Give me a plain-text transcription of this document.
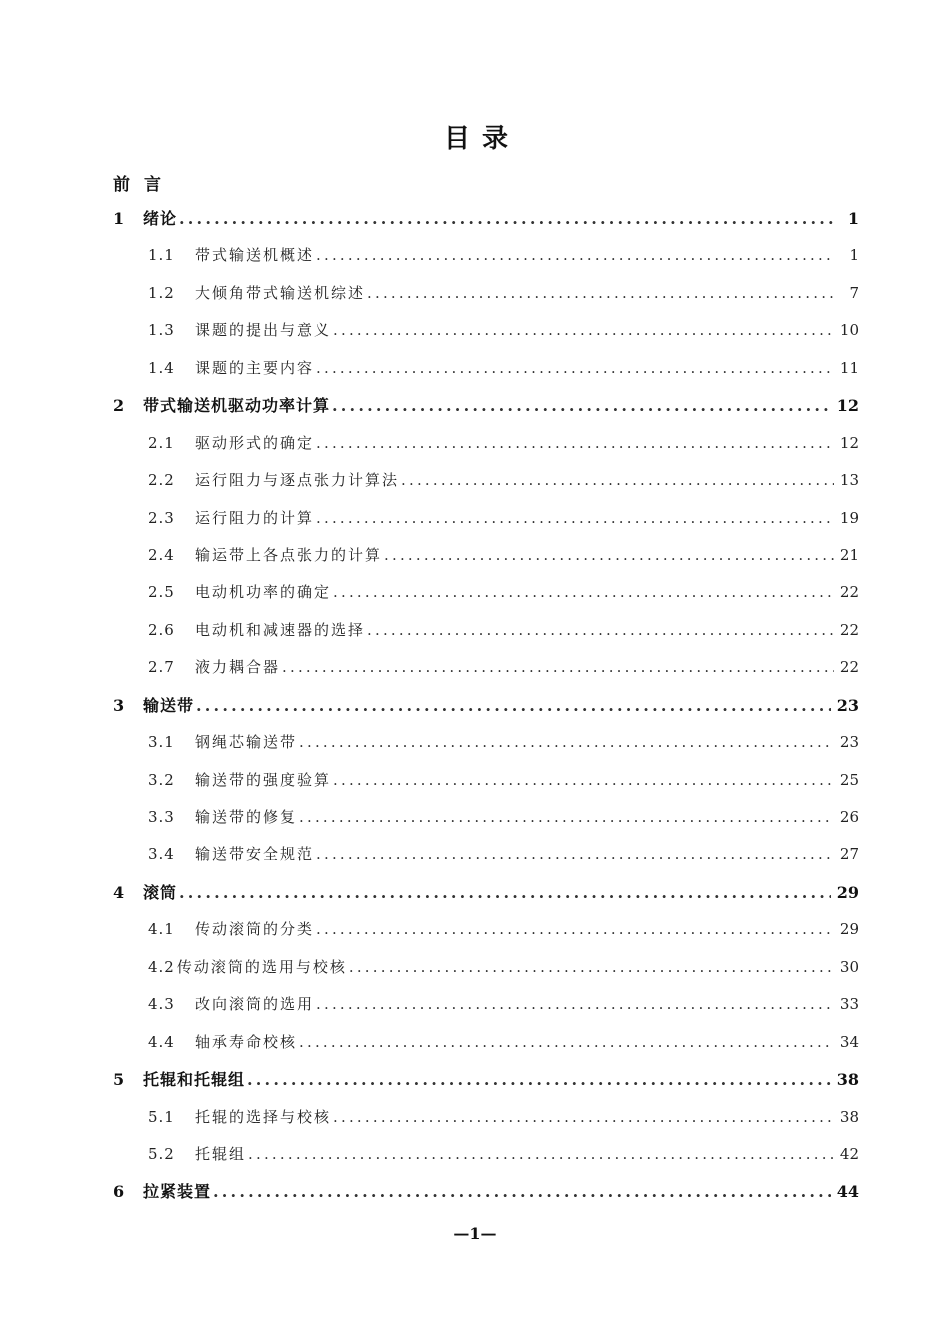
目录
前言
1	绪论 .....	1
1.1	带式输送机概述 .....	1
1.2	大倾角带式输送机综述 .....	7
1.3	课题的提出与意义 .....	10
1.4	课题的主要内容 .....	11
2	带式输送机驱动功率计算 .....	12
2.1	驱动形式的确定 .....	12
2.2	运行阻力与逐点张力计算法 .....	13
2.3	运行阻力的计算 .....	19
2.4	输运带上各点张力的计算 .....	21
2.5	电动机功率的确定 .....	22
2.6	电动机和减速器的选择 .....	22
2.7	液力耦合器 .....	22
3	输送带 .....	23
3.1	钢绳芯输送带 .....	23
3.2	输送带的强度验算 .....	25
3.3	输送带的修复 .....	26
3.4	输送带安全规范 .....	27
4	滚筒 .....	29
4.1	传动滚筒的分类 .....	29
4.2 传动滚筒的选用与校核 .....	30
4.3	改向滚筒的选用 .....	33
4.4	轴承寿命校核 .....	34
5	托辊和托辊组 .....	38
5.1	托辊的选择与校核 .....	38
5.2	托辊组 .....	42
6	拉紧装置 .....	44
—1—
